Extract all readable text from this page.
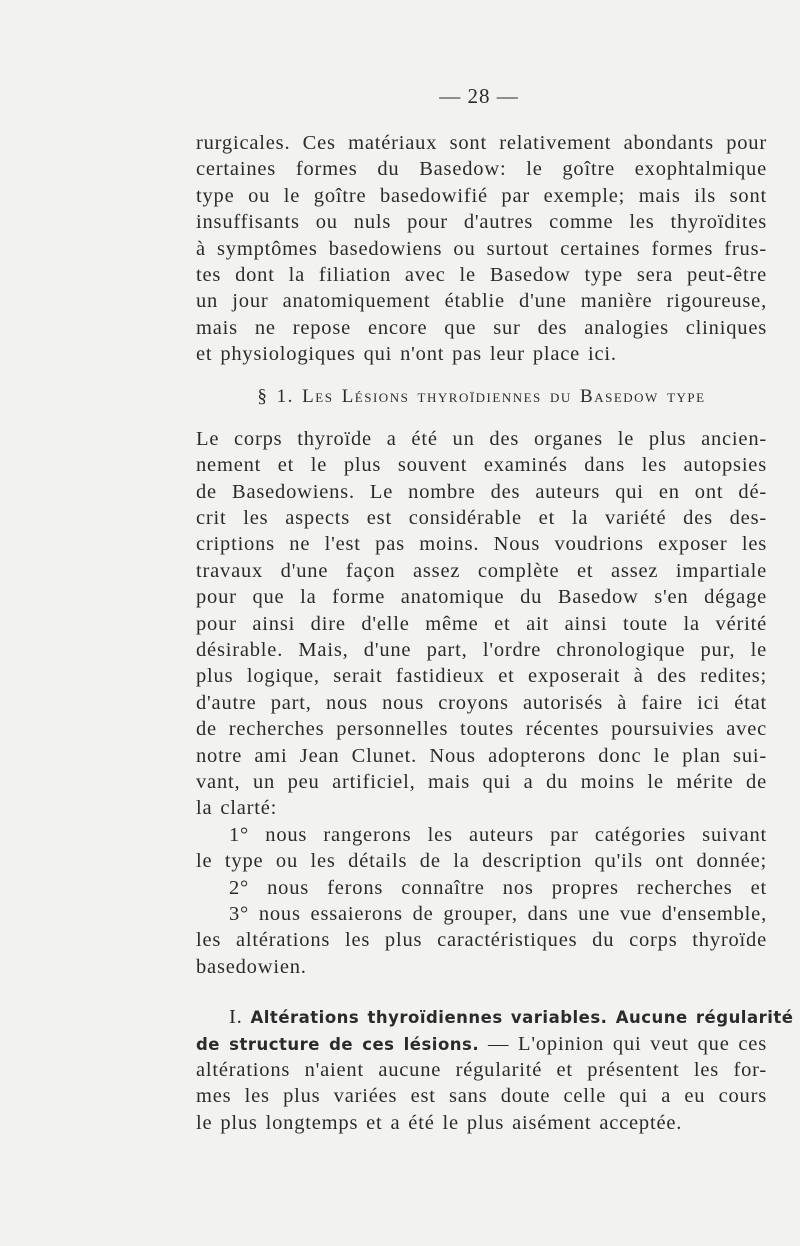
— 28 —
rurgicales. Ces matériaux sont relativement abondants pour
certaines formes du Basedow: le goître exophtalmique
type ou le goître basedowifié par exemple; mais ils sont
insuffisants ou nuls pour d'autres comme les thyroïdites
à symptômes basedowiens ou surtout certaines formes frus-
tes dont la filiation avec le Basedow type sera peut-être
un jour anatomiquement établie d'une manière rigoureuse,
mais ne repose encore que sur des analogies cliniques
et physiologiques qui n'ont pas leur place ici.
§ 1. Les Lésions thyroïdiennes du Basedow type
Le corps thyroïde a été un des organes le plus ancien-
nement et le plus souvent examinés dans les autopsies
de Basedowiens. Le nombre des auteurs qui en ont dé-
crit les aspects est considérable et la variété des des-
criptions ne l'est pas moins. Nous voudrions exposer les
travaux d'une façon assez complète et assez impartiale
pour que la forme anatomique du Basedow s'en dégage
pour ainsi dire d'elle même et ait ainsi toute la vérité
désirable. Mais, d'une part, l'ordre chronologique pur, le
plus logique, serait fastidieux et exposerait à des redites;
d'autre part, nous nous croyons autorisés à faire ici état
de recherches personnelles toutes récentes poursuivies avec
notre ami Jean Clunet. Nous adopterons donc le plan sui-
vant, un peu artificiel, mais qui a du moins le mérite de
la clarté:
1° nous rangerons les auteurs par catégories suivant
le type ou les détails de la description qu'ils ont donnée;
2° nous ferons connaître nos propres recherches et
3° nous essaierons de grouper, dans une vue d'ensemble,
les altérations les plus caractéristiques du corps thyroïde
basedowien.
I. Altérations thyroïdiennes variables. Aucune régularité
de structure de ces lésions. — L'opinion qui veut que ces
altérations n'aient aucune régularité et présentent les for-
mes les plus variées est sans doute celle qui a eu cours
le plus longtemps et a été le plus aisément acceptée.
